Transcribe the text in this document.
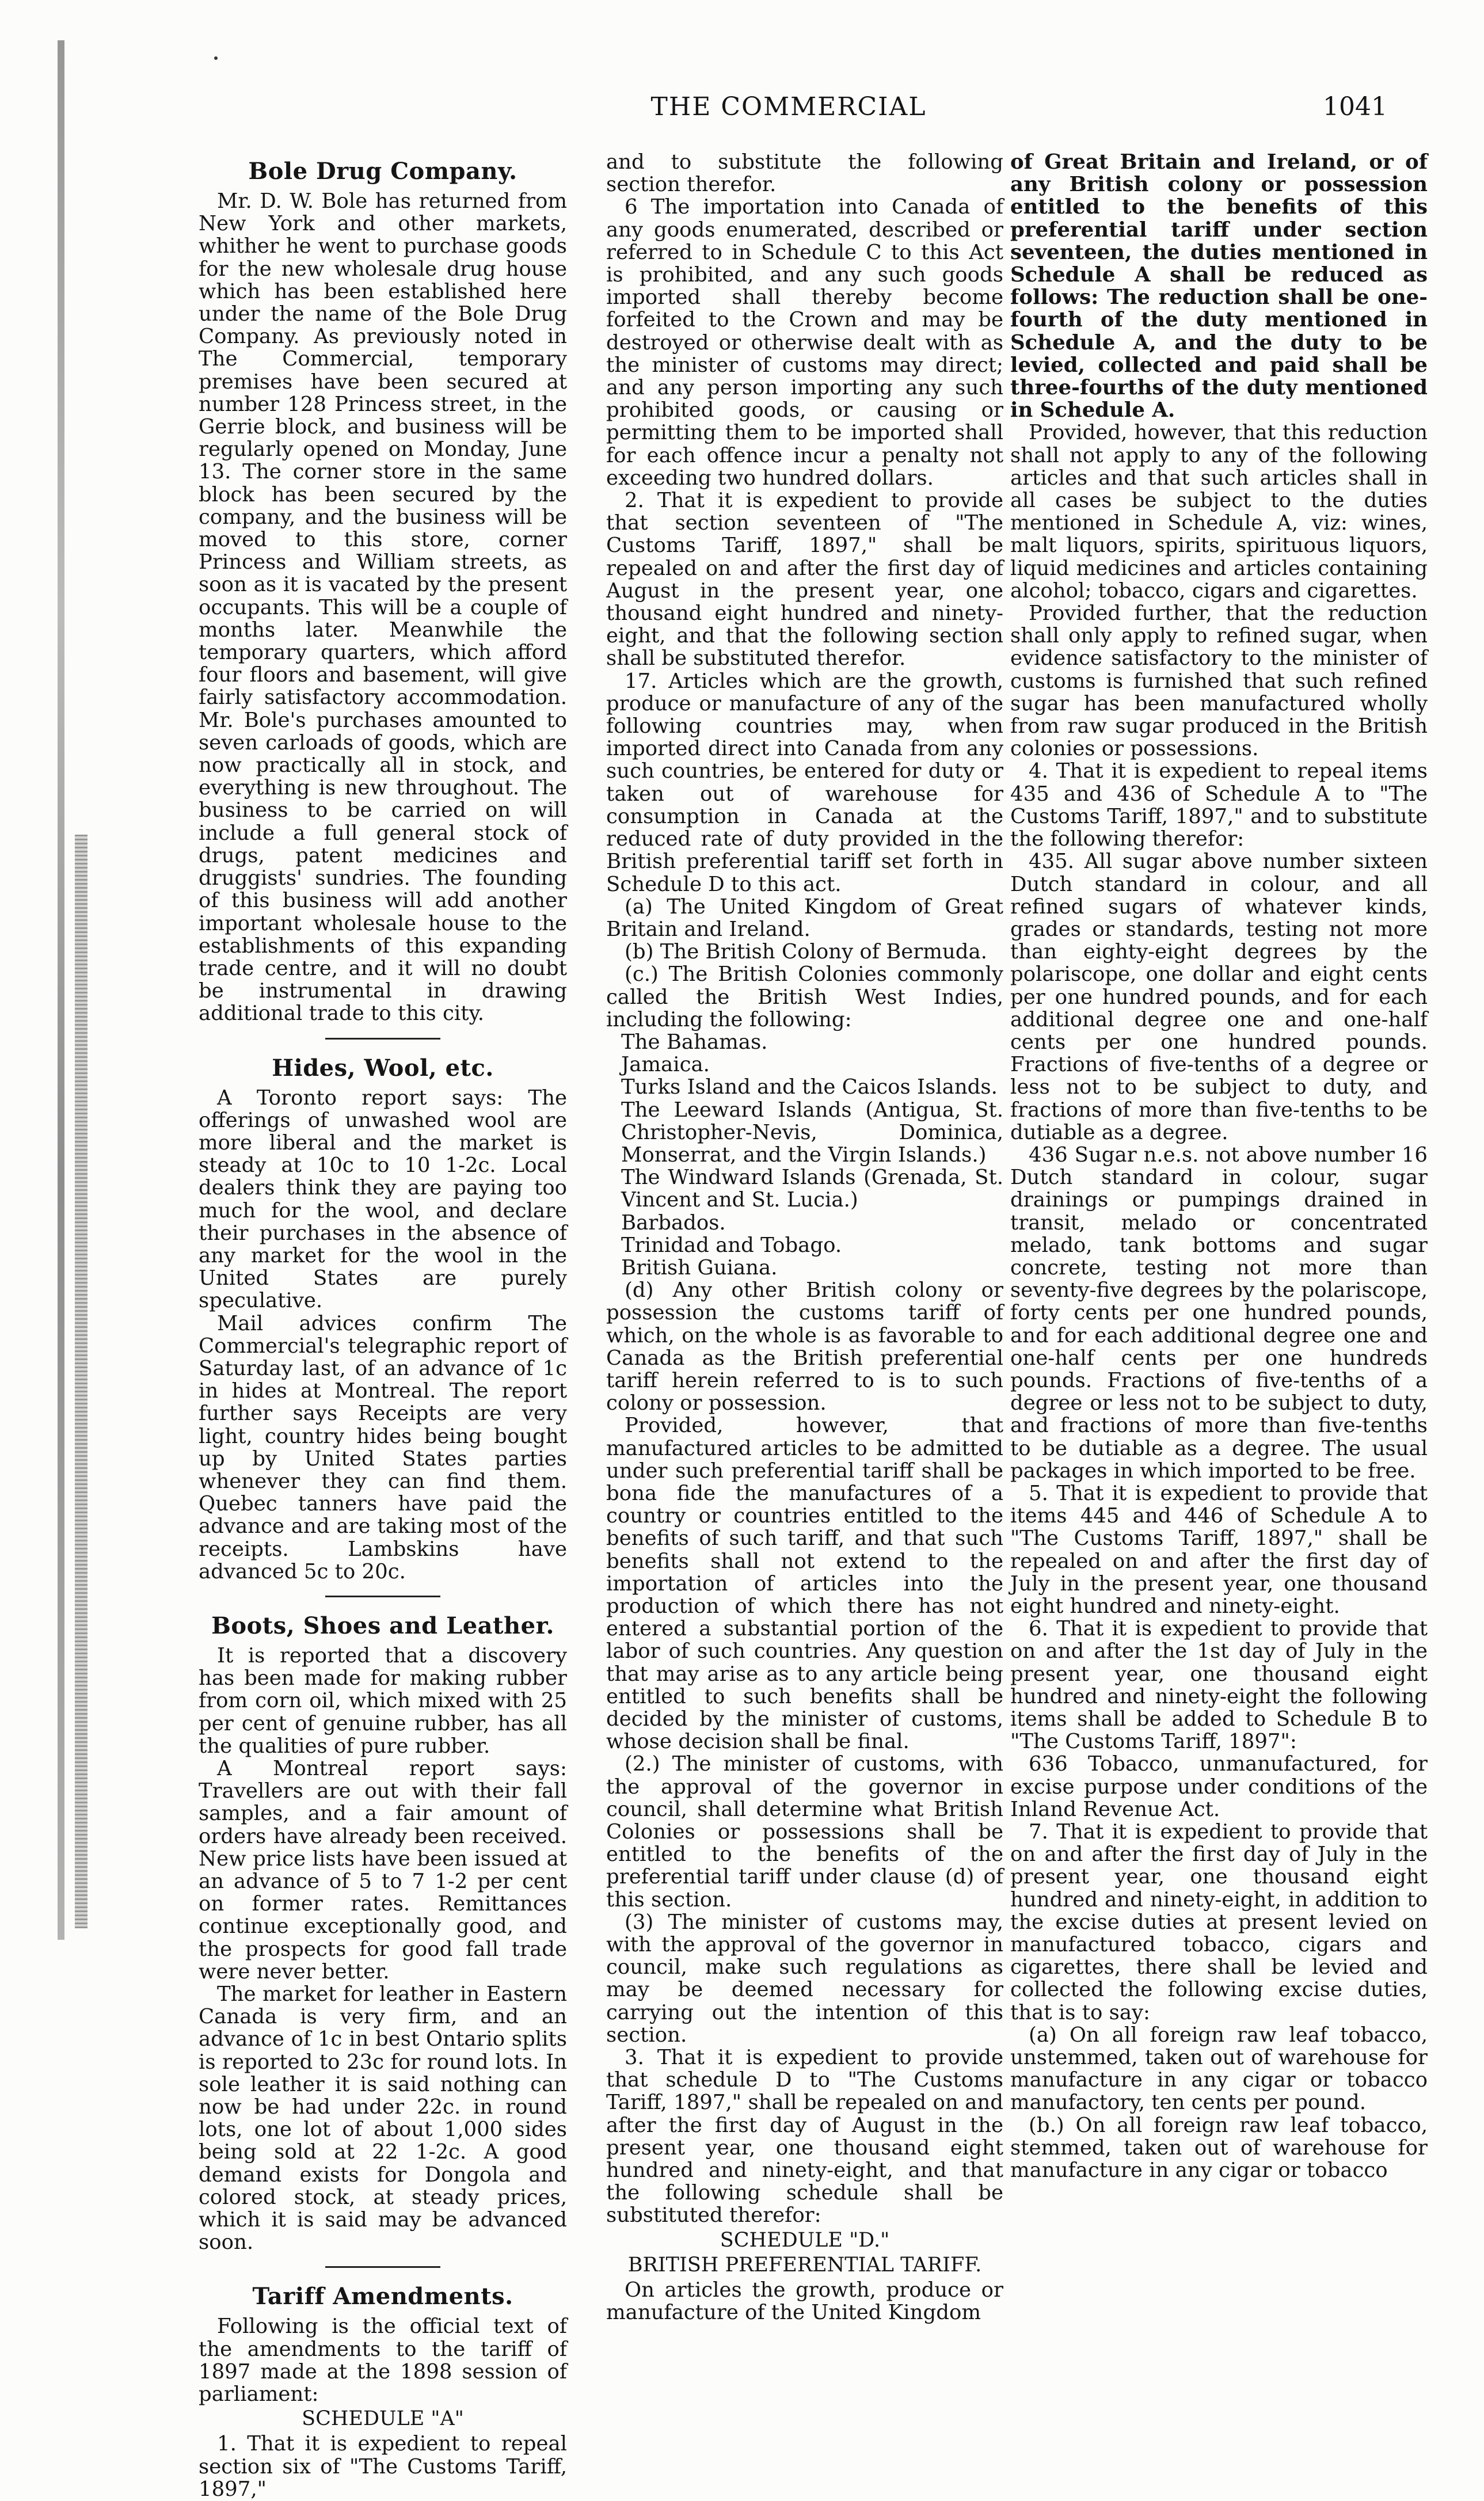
THE COMMERCIAL	1041
Bole Drug Company.

Mr. D. W. Bole has returned from New York and other markets, whither he went to purchase goods for the new wholesale drug house which has been established here under the name of the Bole Drug Company. As previously noted in The Commercial, temporary premises have been secured at number 128 Princess street, in the Gerrie block, and business will be regularly opened on Monday, June 13. The corner store in the same block has been secured by the company, and the business will be moved to this store, corner Princess and William streets, as soon as it is vacated by the present occupants. This will be a couple of months later. Meanwhile the temporary quarters, which afford four floors and basement, will give fairly satisfactory accommodation. Mr. Bole's purchases amounted to seven carloads of goods, which are now practically all in stock, and everything is new throughout. The business to be carried on will include a full general stock of drugs, patent medicines and druggists' sundries. The founding of this business will add another important wholesale house to the establishments of this expanding trade centre, and it will no doubt be instrumental in drawing additional trade to this city.

Hides, Wool, etc.

A Toronto report says: The offerings of unwashed wool are more liberal and the market is steady at 10c to 10 1-2c. Local dealers think they are paying too much for the wool, and declare their purchases in the absence of any market for the wool in the United States are purely speculative.

Mail advices confirm The Commercial's telegraphic report of Saturday last, of an advance of 1c in hides at Montreal. The report further says Receipts are very light, country hides being bought up by United States parties whenever they can find them. Quebec tanners have paid the advance and are taking most of the receipts. Lambskins have advanced 5c to 20c.

Boots, Shoes and Leather.

It is reported that a discovery has been made for making rubber from corn oil, which mixed with 25 per cent of genuine rubber, has all the qualities of pure rubber.

A Montreal report says: Travellers are out with their fall samples, and a fair amount of orders have already been received. New price lists have been issued at an advance of 5 to 7 1-2 per cent on former rates. Remittances continue exceptionally good, and the prospects for good fall trade were never better.

The market for leather in Eastern Canada is very firm, and an advance of 1c in best Ontario splits is reported to 23c for round lots. In sole leather it is said nothing can now be had under 22c. in round lots, one lot of about 1,000 sides being sold at 22 1-2c. A good demand exists for Dongola and colored stock, at steady prices, which it is said may be advanced soon.

Tariff Amendments.

Following is the official text of the amendments to the tariff of 1897 made at the 1898 session of parliament:

SCHEDULE "A"

1. That it is expedient to repeal section six of "The Customs Tariff, 1897,"

and to substitute the following section therefor.

6 The importation into Canada of any goods enumerated, described or referred to in Schedule C to this Act is prohibited, and any such goods imported shall thereby become forfeited to the Crown and may be destroyed or otherwise dealt with as the minister of customs may direct; and any person importing any such prohibited goods, or causing or permitting them to be imported shall for each offence incur a penalty not exceeding two hundred dollars.

2. That it is expedient to provide that section seventeen of "The Customs Tariff, 1897," shall be repealed on and after the first day of August in the present year, one thousand eight hundred and ninety-eight, and that the following section shall be substituted therefor.

17. Articles which are the growth, produce or manufacture of any of the following countries may, when imported direct into Canada from any such countries, be entered for duty or taken out of warehouse for consumption in Canada at the reduced rate of duty provided in the British preferential tariff set forth in Schedule D to this act.

(a) The United Kingdom of Great Britain and Ireland.

(b) The British Colony of Bermuda.

(c.) The British Colonies commonly called the British West Indies, including the following:

The Bahamas.

Jamaica.

Turks Island and the Caicos Islands.

The Leeward Islands (Antigua, St. Christopher-Nevis, Dominica, Monserrat, and the Virgin Islands.)

The Windward Islands (Grenada, St. Vincent and St. Lucia.)

Barbados.

Trinidad and Tobago.

British Guiana.

(d) Any other British colony or possession the customs tariff of which, on the whole is as favorable to Canada as the British preferential tariff herein referred to is to such colony or possession.

Provided, however, that manufactured articles to be admitted under such preferential tariff shall be bona fide the manufactures of a country or countries entitled to the benefits of such tariff, and that such benefits shall not extend to the importation of articles into the production of which there has not entered a substantial portion of the labor of such countries. Any question that may arise as to any article being entitled to such benefits shall be decided by the minister of customs, whose decision shall be final.

(2.) The minister of customs, with the approval of the governor in council, shall determine what British Colonies or possessions shall be entitled to the benefits of the preferential tariff under clause (d) of this section.

(3) The minister of customs may, with the approval of the governor in council, make such regulations as may be deemed necessary for carrying out the intention of this section.

3. That it is expedient to provide that schedule D to "The Customs Tariff, 1897," shall be repealed on and after the first day of August in the present year, one thousand eight hundred and ninety-eight, and that the following schedule shall be substituted therefor:

SCHEDULE "D."
BRITISH PREFERENTIAL TARIFF.

On articles the growth, produce or manufacture of the United Kingdom

of Great Britain and Ireland, or of any British colony or possession entitled to the benefits of this preferential tariff under section seventeen, the duties mentioned in Schedule A shall be reduced as follows: The reduction shall be one-fourth of the duty mentioned in Schedule A, and the duty to be levied, collected and paid shall be three-fourths of the duty mentioned in Schedule A.

Provided, however, that this reduction shall not apply to any of the following articles and that such articles shall in all cases be subject to the duties mentioned in Schedule A, viz: wines, malt liquors, spirits, spirituous liquors, liquid medicines and articles containing alcohol; tobacco, cigars and cigarettes.

Provided further, that the reduction shall only apply to refined sugar, when evidence satisfactory to the minister of customs is furnished that such refined sugar has been manufactured wholly from raw sugar produced in the British colonies or possessions.

4. That it is expedient to repeal items 435 and 436 of Schedule A to "The Customs Tariff, 1897," and to substitute the following therefor:

435. All sugar above number sixteen Dutch standard in colour, and all refined sugars of whatever kinds, grades or standards, testing not more than eighty-eight degrees by the polariscope, one dollar and eight cents per one hundred pounds, and for each additional degree one and one-half cents per one hundred pounds. Fractions of five-tenths of a degree or less not to be subject to duty, and fractions of more than five-tenths to be dutiable as a degree.

436 Sugar n.e.s. not above number 16 Dutch standard in colour, sugar drainings or pumpings drained in transit, melado or concentrated melado, tank bottoms and sugar concrete, testing not more than seventy-five degrees by the polariscope, forty cents per one hundred pounds, and for each additional degree one and one-half cents per one hundreds pounds. Fractions of five-tenths of a degree or less not to be subject to duty, and fractions of more than five-tenths to be dutiable as a degree. The usual packages in which imported to be free.

5. That it is expedient to provide that items 445 and 446 of Schedule A to "The Customs Tariff, 1897," shall be repealed on and after the first day of July in the present year, one thousand eight hundred and ninety-eight.

6. That it is expedient to provide that on and after the 1st day of July in the present year, one thousand eight hundred and ninety-eight the following items shall be added to Schedule B to "The Customs Tariff, 1897":

636 Tobacco, unmanufactured, for excise purpose under conditions of the Inland Revenue Act.

7. That it is expedient to provide that on and after the first day of July in the present year, one thousand eight hundred and ninety-eight, in addition to the excise duties at present levied on manufactured tobacco, cigars and cigarettes, there shall be levied and collected the following excise duties, that is to say:

(a) On all foreign raw leaf tobacco, unstemmed, taken out of warehouse for manufacture in any cigar or tobacco manufactory, ten cents per pound.

(b.) On all foreign raw leaf tobacco, stemmed, taken out of warehouse for manufacture in any cigar or tobacco
